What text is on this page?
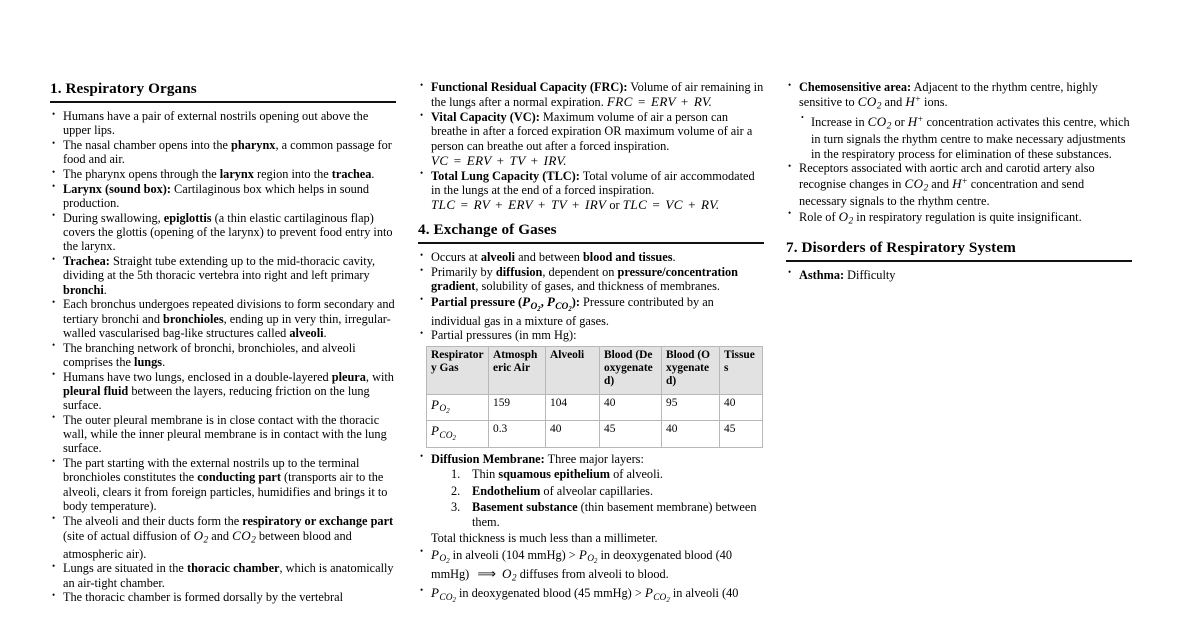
1. Respiratory Organs
• Humans have a pair of external nostrils opening out above the upper lips.
• The nasal chamber opens into the pharynx, a common passage for food and air.
• The pharynx opens through the larynx region into the trachea.
• Larynx (sound box): Cartilaginous box which helps in sound production.
• During swallowing, epiglottis (a thin elastic cartilaginous flap) covers the glottis (opening of the larynx) to prevent food entry into the larynx.
• Trachea: Straight tube extending up to the mid-thoracic cavity, dividing at the 5th thoracic vertebra into right and left primary bronchi.
• Each bronchus undergoes repeated divisions to form secondary and tertiary bronchi and bronchioles, ending up in very thin, irregular-walled vascularised bag-like structures called alveoli.
• The branching network of bronchi, bronchioles, and alveoli comprises the lungs.
• Humans have two lungs, enclosed in a double-layered pleura, with pleural fluid between the layers, reducing friction on the lung surface.
• The outer pleural membrane is in close contact with the thoracic wall, while the inner pleural membrane is in contact with the lung surface.
• The part starting with the external nostrils up to the terminal bronchioles constitutes the conducting part (transports air to the alveoli, clears it from foreign particles, humidifies and brings it to body temperature).
• The alveoli and their ducts form the respiratory or exchange part (site of actual diffusion of $O_2$ and $CO_2$ between blood and atmospheric air).
• Lungs are situated in the thoracic chamber, which is anatomically an air-tight chamber.
• The thoracic chamber is formed dorsally by the vertebral
• Functional Residual Capacity (FRC): Volume of air remaining in the lungs after a normal expiration. FRC = ERV + RV.
• Vital Capacity (VC): Maximum volume of air a person can breathe in after a forced expiration OR maximum volume of air a person can breathe out after a forced inspiration. VC = ERV + TV + IRV.
• Total Lung Capacity (TLC): Total volume of air accommodated in the lungs at the end of a forced inspiration. TLC = RV + ERV + TV + IRV or TLC = VC + RV.
4. Exchange of Gases
• Occurs at alveoli and between blood and tissues.
• Primarily by diffusion, dependent on pressure/concentration gradient, solubility of gases, and thickness of membranes.
• Partial pressure ($P_{O_2}$, $P_{CO_2}$): Pressure contributed by an individual gas in a mixture of gases.
• Partial pressures (in mm Hg):
Respiratory Gas	Atmospheric Air	Alveoli	Blood (Deoxygenated)	Blood (Oxygenated)	Tissues
$P_{O_2}$	159	104	40	95	40
$P_{CO_2}$	0.3	40	45	40	45
• Diffusion Membrane: Three major layers:
Thin squamous epithelium of alveoli.
Endothelium of alveolar capillaries.
Basement substance (thin basement membrane) between them.
Total thickness is much less than a millimeter.
• $P_{O_2}$ in alveoli (104 mmHg) > $P_{O_2}$ in deoxygenated blood (40 mmHg) ⟹ $O_2$ diffuses from alveoli to blood.
• $P_{CO_2}$ in deoxygenated blood (45 mmHg) > $P_{CO_2}$ in alveoli (40
• Chemosensitive area: Adjacent to the rhythm centre, highly sensitive to $CO_2$ and H+ ions.
• Increase in $CO_2$ or H+ concentration activates this centre, which in turn signals the rhythm centre to make necessary adjustments in the respiratory process for elimination of these substances.
• Receptors associated with aortic arch and carotid artery also recognise changes in $CO_2$ and H+ concentration and send necessary signals to the rhythm centre.
• Role of $O_2$ in respiratory regulation is quite insignificant.
7. Disorders of Respiratory System
• Asthma: Difficulty
